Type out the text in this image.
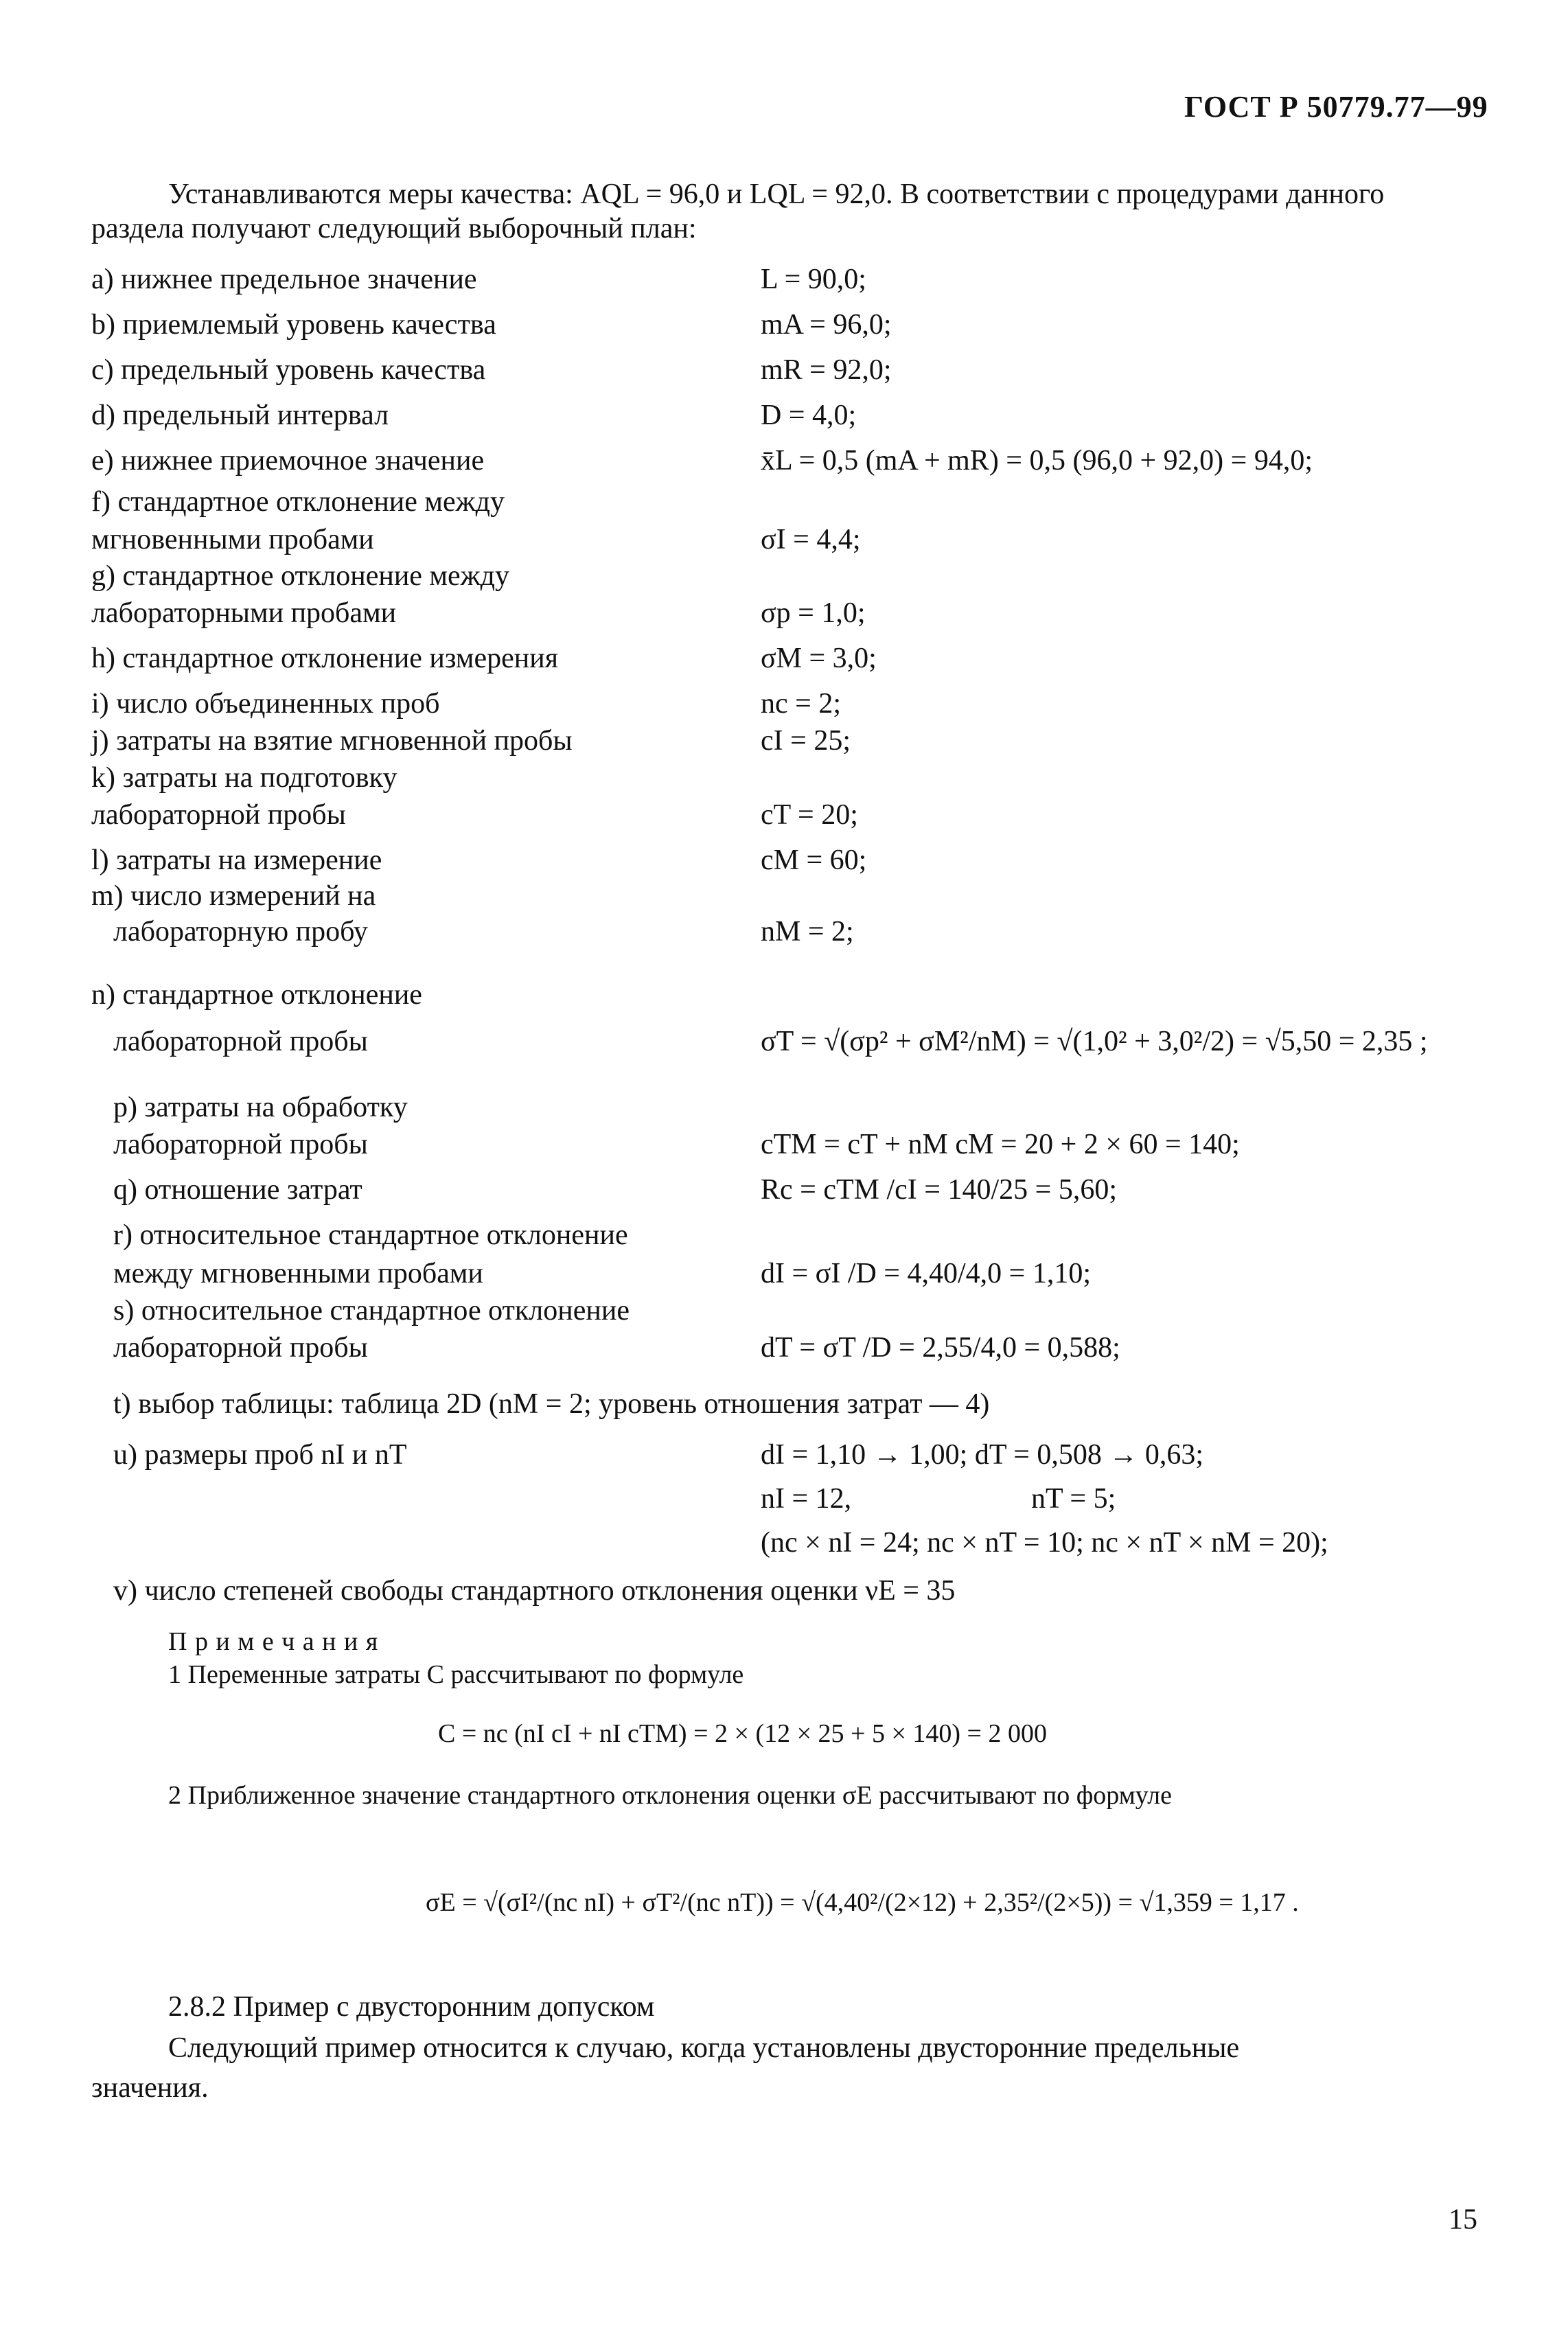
ГОСТ Р 50779.77—99
Устанавливаются меры качества: AQL = 96,0 и LQL = 92,0. В соответствии с процедурами данного
раздела получают следующий выборочный план:
а) нижнее предельное значение
b) приемлемый уровень качества
с) предельный уровень качества
d) предельный интервал
е) нижнее приемочное значение
f) стандартное отклонение между
мгновенными пробами
g) стандартное отклонение между
лабораторными пробами
h) стандартное отклонение измерения
i) число объединенных проб
j) затраты на взятие мгновенной пробы
k) затраты на подготовку
лабораторной пробы
l) затраты на измерение
m) число измерений на
лабораторную пробу
n) стандартное отклонение
лабораторной пробы
p) затраты на обработку
лабораторной пробы
q) отношение затрат
r) относительное стандартное отклонение
между мгновенными пробами
s) относительное стандартное отклонение
лабораторной пробы
L = 90,0;
mA = 96,0;
mR = 92,0;
D = 4,0;
x̄L = 0,5 (mA + mR) = 0,5 (96,0 + 92,0) = 94,0;
σI = 4,4;
σp = 1,0;
σM = 3,0;
nc = 2;
cI = 25;
cT = 20;
cM = 60;
nM = 2;
σT = √(σp² + σM²/nM) = √(1,0² + 3,0²/2) = √5,50 = 2,35 ;
cTM = cT + nM cM = 20 + 2 × 60 = 140;
Rc = cTM /cI = 140/25 = 5,60;
dI = σI /D = 4,40/4,0 = 1,10;
dT = σT /D = 2,55/4,0 = 0,588;
t) выбор таблицы: таблица 2D (nM = 2; уровень отношения затрат — 4)
u) размеры проб nI и nT	dI = 1,10 → 1,00; dT = 0,508 → 0,63;
nI = 12,	nT = 5;
(nc × nI = 24; nc × nT = 10; nc × nT × nM = 20);
v) число степеней свободы стандартного отклонения оценки νE = 35
П р и м е ч а н и я
1 Переменные затраты C рассчитывают по формуле
C = nc (nI cI + nI cTM) = 2 × (12 × 25 + 5 × 140) = 2 000
2 Приближенное значение стандартного отклонения оценки σE рассчитывают по формуле
σE = √(σI²/(nc nI) + σT²/(nc nT)) = √(4,40²/(2×12) + 2,35²/(2×5)) = √1,359 = 1,17 .
2.8.2 Пример с двусторонним допуском
Следующий пример относится к случаю, когда установлены двусторонние предельные
значения.
15
